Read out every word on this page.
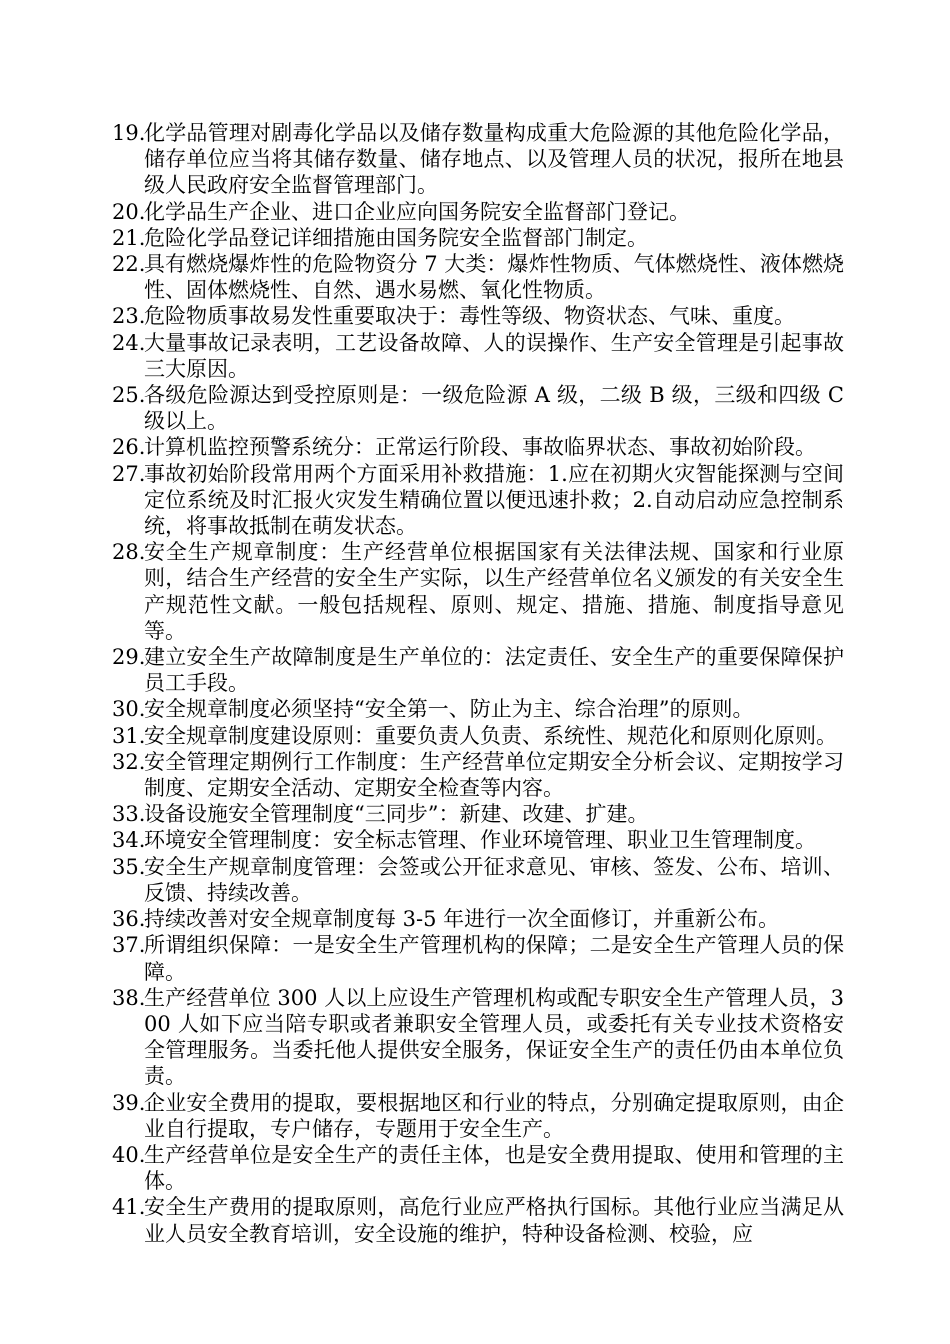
19.
化学品管理对剧毒化学品以及储存数量构成重大危险源的其他危险化学品，储存单位应当将其储存数量、储存地点、以及管理人员的状况，报所在地县级人民政府安全监督管理部门。
20.
化学品生产企业、进口企业应向国务院安全监督部门登记。
21.
危险化学品登记详细措施由国务院安全监督部门制定。
22.
具有燃烧爆炸性的危险物资分 7 大类：爆炸性物质、气体燃烧性、液体燃烧性、固体燃烧性、自然、遇水易燃、氧化性物质。
23.
危险物质事故易发性重要取决于：毒性等级、物资状态、气味、重度。
24.
大量事故记录表明，工艺设备故障、人的误操作、生产安全管理是引起事故三大原因。
25.
各级危险源达到受控原则是：一级危险源 A 级，二级 B 级，三级和四级 C 级以上。
26.
计算机监控预警系统分：正常运行阶段、事故临界状态、事故初始阶段。
27.
事故初始阶段常用两个方面采用补救措施：1.应在初期火灾智能探测与空间定位系统及时汇报火灾发生精确位置以便迅速扑救；2.自动启动应急控制系统，将事故抵制在萌发状态。
28.
安全生产规章制度：生产经营单位根据国家有关法律法规、国家和行业原则，结合生产经营的安全生产实际，以生产经营单位名义颁发的有关安全生产规范性文献。一般包括规程、原则、规定、措施、措施、制度指导意见等。
29.
建立安全生产故障制度是生产单位的：法定责任、安全生产的重要保障保护员工手段。
30.
安全规章制度必须坚持“安全第一、防止为主、综合治理”的原则。
31.
安全规章制度建设原则：重要负责人负责、系统性、规范化和原则化原则。
32.
安全管理定期例行工作制度：生产经营单位定期安全分析会议、定期按学习制度、定期安全活动、定期安全检查等内容。
33.
设备设施安全管理制度“三同步”：新建、改建、扩建。
34.
环境安全管理制度：安全标志管理、作业环境管理、职业卫生管理制度。
35.
安全生产规章制度管理：会签或公开征求意见、审核、签发、公布、培训、反馈、持续改善。
36.
持续改善对安全规章制度每 3-5 年进行一次全面修订，并重新公布。
37.
所谓组织保障：一是安全生产管理机构的保障；二是安全生产管理人员的保障。
38.
生产经营单位 300 人以上应设生产管理机构或配专职安全生产管理人员，300 人如下应当陪专职或者兼职安全管理人员，或委托有关专业技术资格安全管理服务。当委托他人提供安全服务，保证安全生产的责任仍由本单位负责。
39.
企业安全费用的提取，要根据地区和行业的特点，分别确定提取原则，由企业自行提取，专户储存，专题用于安全生产。
40.
生产经营单位是安全生产的责任主体，也是安全费用提取、使用和管理的主体。
41.
安全生产费用的提取原则，高危行业应严格执行国标。其他行业应当满足从业人员安全教育培训，安全设施的维护，特种设备检测、校验，应
